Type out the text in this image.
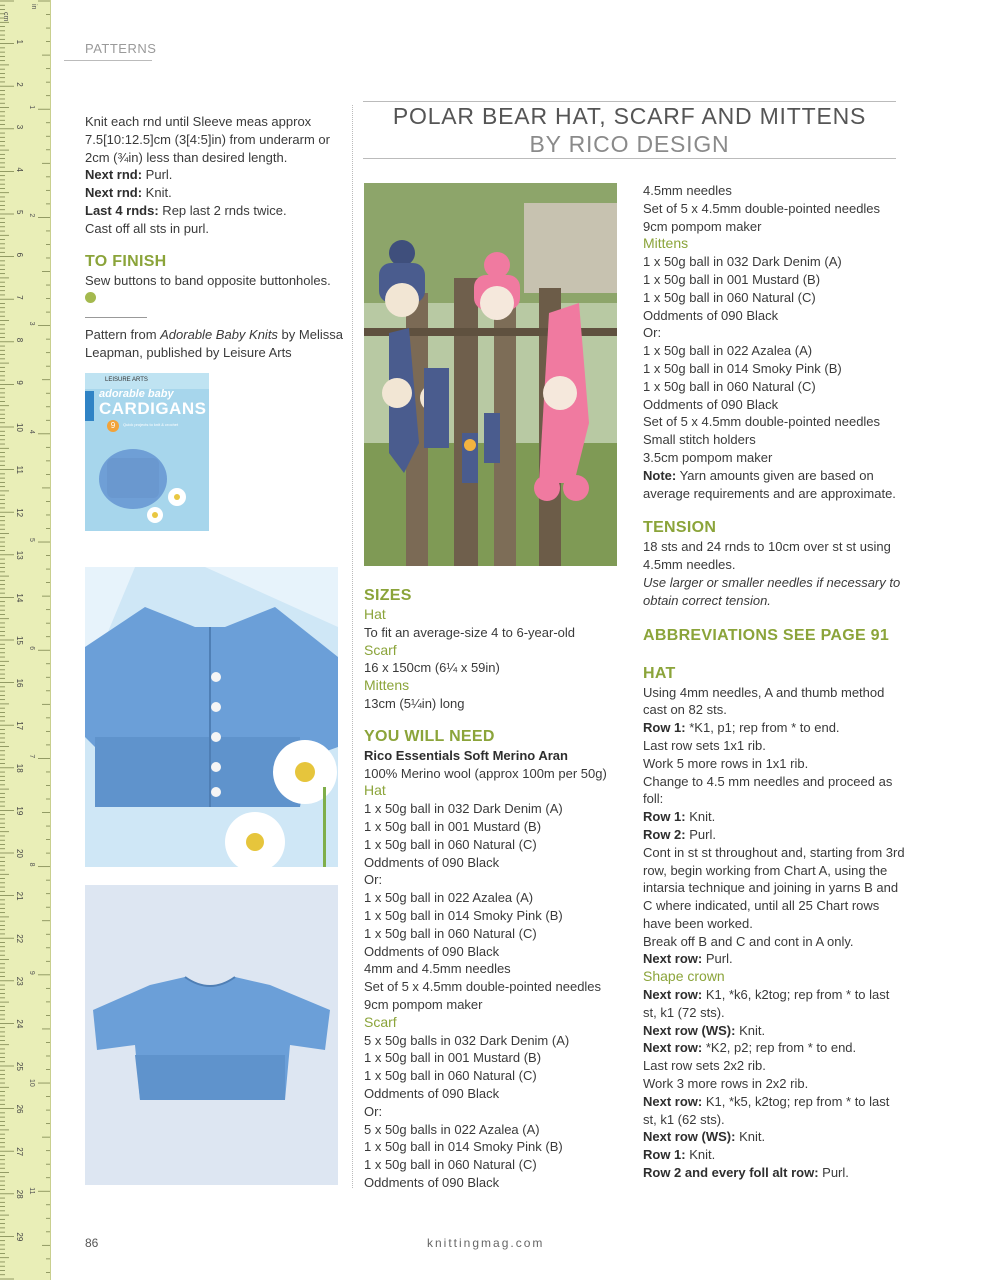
cm
in
1
2
3
4
5
6
7
8
9
10
11
12
13
14
15
16
17
18
19
20
21
22
23
24
25
26
27
28
29
1
2
3
4
5
6
7
8
9
10
11
PATTERNS

Knit each rnd until Sleeve meas approx 7.5[10:12.5]cm (3[4:5]in) from underarm or 2cm (¾in) less than desired length.

Next rnd: Purl.

Next rnd: Knit.

Last 4 rnds: Rep last 2 rnds twice.

Cast off all sts in purl.

TO FINISH

Sew buttons to band opposite buttonholes.

Pattern from Adorable Baby Knits by Melissa Leapman, published by Leisure Arts

LEISURE ARTS
adorable baby
CARDIGANS
9	Quick projects to knit & crochet
POLAR BEAR HAT, SCARF AND MITTENS
BY RICO DESIGN

SIZES

Hat

To fit an average-size 4 to 6-year-old

Scarf

16 x 150cm (6¼ x 59in)

Mittens

13cm (5¼in) long

YOU WILL NEED

Rico Essentials Soft Merino Aran

100% Merino wool (approx 100m per 50g)

Hat

1 x 50g ball in 032 Dark Denim (A)

1 x 50g ball in 001 Mustard (B)

1 x 50g ball in 060 Natural (C)

Oddments of 090 Black

Or:

1 x 50g ball in 022 Azalea (A)

1 x 50g ball in 014 Smoky Pink (B)

1 x 50g ball in 060 Natural (C)

Oddments of 090 Black

4mm and 4.5mm needles

Set of 5 x 4.5mm double-pointed needles

9cm pompom maker

Scarf

5 x 50g balls in 032 Dark Denim (A)

1 x 50g ball in 001 Mustard (B)

1 x 50g ball in 060 Natural (C)

Oddments of 090 Black

Or:

5 x 50g balls in 022 Azalea (A)

1 x 50g ball in 014 Smoky Pink (B)

1 x 50g ball in 060 Natural (C)

Oddments of 090 Black

4.5mm needles

Set of 5 x 4.5mm double-pointed needles

9cm pompom maker

Mittens

1 x 50g ball in 032 Dark Denim (A)

1 x 50g ball in 001 Mustard (B)

1 x 50g ball in 060 Natural (C)

Oddments of 090 Black

Or:

1 x 50g ball in 022 Azalea (A)

1 x 50g ball in 014 Smoky Pink (B)

1 x 50g ball in 060 Natural (C)

Oddments of 090 Black

Set of 5 x 4.5mm double-pointed needles

Small stitch holders

3.5cm pompom maker

Note: Yarn amounts given are based on average requirements and are approximate.

TENSION

18 sts and 24 rnds to 10cm over st st using 4.5mm needles.

Use larger or smaller needles if necessary to obtain correct tension.

ABBREVIATIONS SEE PAGE 91

HAT

Using 4mm needles, A and thumb method cast on 82 sts.

Row 1: *K1, p1; rep from * to end.

Last row sets 1x1 rib.

Work 5 more rows in 1x1 rib.

Change to 4.5 mm needles and proceed as foll:

Row 1: Knit.

Row 2: Purl.

Cont in st st throughout and, starting from 3rd row, begin working from Chart A, using the intarsia technique and joining in yarns B and C where indicated, until all 25 Chart rows have been worked.

Break off B and C and cont in A only.

Next row: Purl.

Shape crown

Next row: K1, *k6, k2tog; rep from * to last st, k1 (72 sts).

Next row (WS): Knit.

Next row: *K2, p2; rep from * to end.

Last row sets 2x2 rib.

Work 3 more rows in 2x2 rib.

Next row: K1, *k5, k2tog; rep from * to last st, k1 (62 sts).

Next row (WS): Knit.

Row 1: Knit.

Row 2 and every foll alt row: Purl.

86	knittingmag.com
